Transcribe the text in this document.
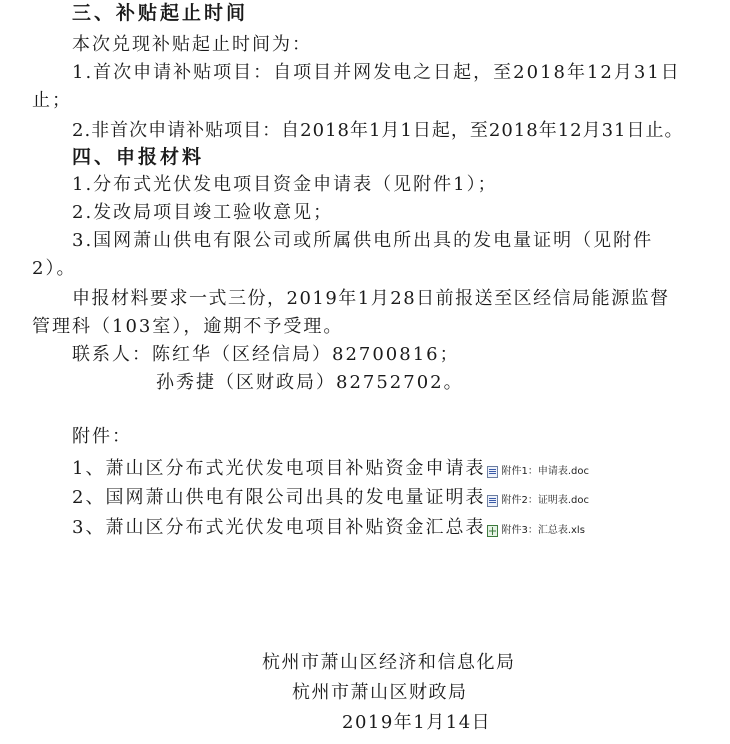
三、补贴起止时间
本次兑现补贴起止时间为：
1.首次申请补贴项目：自项目并网发电之日起，至2018年12月31日
止；
2.非首次申请补贴项目：自2018年1月1日起，至2018年12月31日止。
四、申报材料
1.分布式光伏发电项目资金申请表（见附件1）；
2.发改局项目竣工验收意见；
3.国网萧山供电有限公司或所属供电所出具的发电量证明（见附件
2）。
申报材料要求一式三份，2019年1月28日前报送至区经信局能源监督
管理科（103室），逾期不予受理。
联系人：陈红华（区经信局）82700816；
孙秀捷（区财政局）82752702。
附件：
1、萧山区分布式光伏发电项目补贴资金申请表 附件1：申请表.doc
2、国网萧山供电有限公司出具的发电量证明表 附件2：证明表.doc
3、萧山区分布式光伏发电项目补贴资金汇总表 附件3：汇总表.xls
杭州市萧山区经济和信息化局
杭州市萧山区财政局
2019年1月14日
